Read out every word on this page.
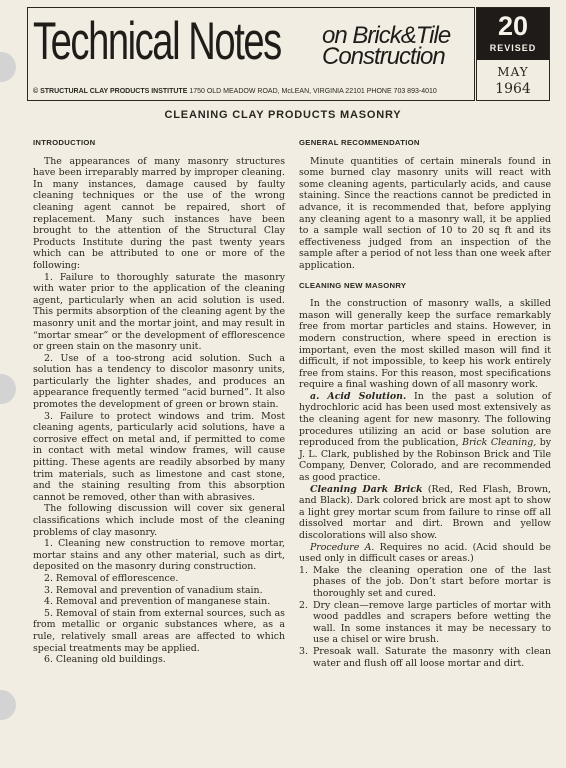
Technical Notes on Brick&Tile
Construction
© STRUCTURAL CLAY PRODUCTS INSTITUTE 1750 OLD MEADOW ROAD, McLEAN, VIRGINIA 22101 PHONE 703 893-4010
20
REVISED
MAY
1964
CLEANING CLAY PRODUCTS MASONRY
INTRODUCTION

The appearances of many masonry structures have been irreparably marred by improper cleaning. In many instances, damage caused by faulty cleaning techniques or the use of the wrong cleaning agent cannot be repaired, short of replacement. Many such instances have been brought to the attention of the Structural Clay Products Institute during the past twenty years which can be attributed to one or more of the following:

1. Failure to thoroughly saturate the masonry with water prior to the application of the cleaning agent, particularly when an acid solution is used. This permits absorption of the cleaning agent by the masonry unit and the mortar joint, and may result in “mortar smear” or the development of efflorescence or green stain on the masonry unit.

2. Use of a too-strong acid solution. Such a solution has a tendency to discolor masonry units, particularly the lighter shades, and produces an appearance frequently termed “acid burned”. It also promotes the development of green or brown stain.

3. Failure to protect windows and trim. Most cleaning agents, particularly acid solutions, have a corrosive effect on metal and, if permitted to come in contact with metal window frames, will cause pitting. These agents are readily absorbed by many trim materials, such as limestone and cast stone, and the staining resulting from this absorption cannot be removed, other than with abrasives.

The following discussion will cover six general classifications which include most of the cleaning problems of clay masonry.

1. Cleaning new construction to remove mortar, mortar stains and any other material, such as dirt, deposited on the masonry during construction.

2. Removal of efflorescence.

3. Removal and prevention of vanadium stain.

4. Removal and prevention of manganese stain.

5. Removal of stain from external sources, such as from metallic or organic substances where, as a rule, relatively small areas are affected to which special treatments may be applied.

6. Cleaning old buildings.

GENERAL RECOMMENDATION

Minute quantities of certain minerals found in some burned clay masonry units will react with some cleaning agents, particularly acids, and cause staining. Since the reactions cannot be predicted in advance, it is recommended that, before applying any cleaning agent to a masonry wall, it be applied to a sample wall section of 10 to 20 sq ft and its effectiveness judged from an inspection of the sample after a period of not less than one week after application.

CLEANING NEW MASONRY

In the construction of masonry walls, a skilled mason will generally keep the surface remarkably free from mortar particles and stains. However, in modern construction, where speed in erection is important, even the most skilled mason will find it difficult, if not impossible, to keep his work entirely free from stains. For this reason, most specifications require a final washing down of all masonry work.

a. Acid Solution. In the past a solution of hydrochloric acid has been used most extensively as the cleaning agent for new masonry. The following procedures utilizing an acid or base solution are reproduced from the publication, Brick Cleaning, by J. L. Clark, published by the Robinson Brick and Tile Company, Denver, Colorado, and are recommended as good practice.

Cleaning Dark Brick (Red, Red Flash, Brown, and Black). Dark colored brick are most apt to show a light grey mortar scum from failure to rinse off all dissolved mortar and dirt. Brown and yellow discolorations will also show.

Procedure A. Requires no acid. (Acid should be used only in difficult cases or areas.)

1. Make the cleaning operation one of the last phases of the job. Don’t start before mortar is thoroughly set and cured.
2. Dry clean—remove large particles of mortar with wood paddles and scrapers before wetting the wall. In some instances it may be necessary to use a chisel or wire brush.
3. Presoak wall. Saturate the masonry with clean water and flush off all loose mortar and dirt.
